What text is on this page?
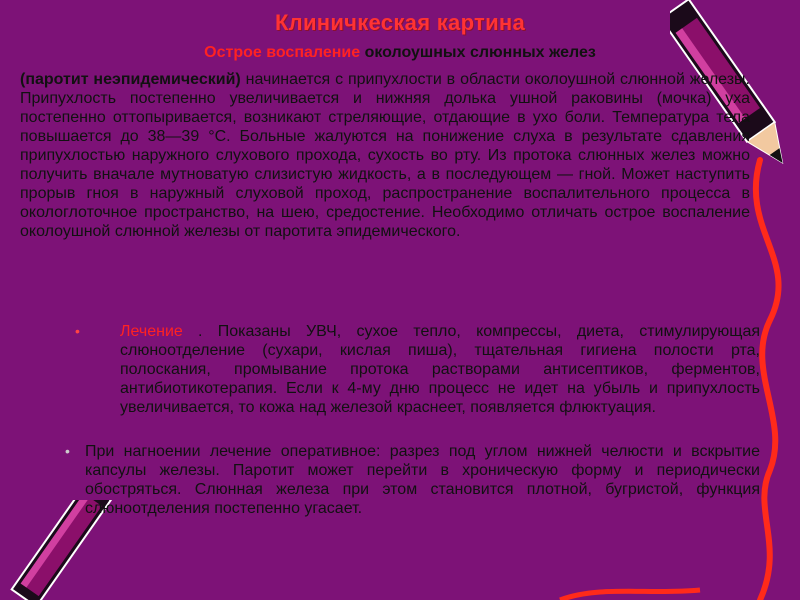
Клиничкеская картина
Острое воспаление околоушных слюнных желез
(паротит неэпидемический) начинается с припухлости в области околоушной слюнной железы. Припухлость постепенно увеличивается и нижняя долька ушной раковины (мочка) уха постепенно оттопыривается, возникают стреляющие, отдающие в ухо боли. Температура тела повышается до 38—39 °С. Больные жалуются на понижение слуха в результате сдавления припухлостью наружного слухового прохода, сухость во рту. Из протока слюнных желез можно получить вначале мутноватую слизистую жидкость, а в последующем — гной. Может наступить прорыв гноя в наружный слуховой проход, распространение воспалительного процесса в окологлоточное пространство, на шею, средостение. Необходимо отличать острое воспаление околоушной слюнной железы от паротита эпидемического.
•	Лечение . Показаны УВЧ, сухое тепло, компрессы, диета, стимулирующая слюноотделение (сухари, кислая пиша), тщательная гигиена полости рта, полоскания, промывание протока растворами антисептиков, ферментов, антибиотикотерапия. Если к 4-му дню процесс не идет на убыль и припухлость увеличивается, то кожа над железой краснеет, появляется флюктуация.
• При нагноении лечение оперативное: разрез под углом нижней челюсти и вскрытие капсулы железы. Паротит может перейти в хроническую форму и периодически обостряться. Слюнная железа при этом становится плотной, бугристой, функция слюноотделения постепенно угасает.
